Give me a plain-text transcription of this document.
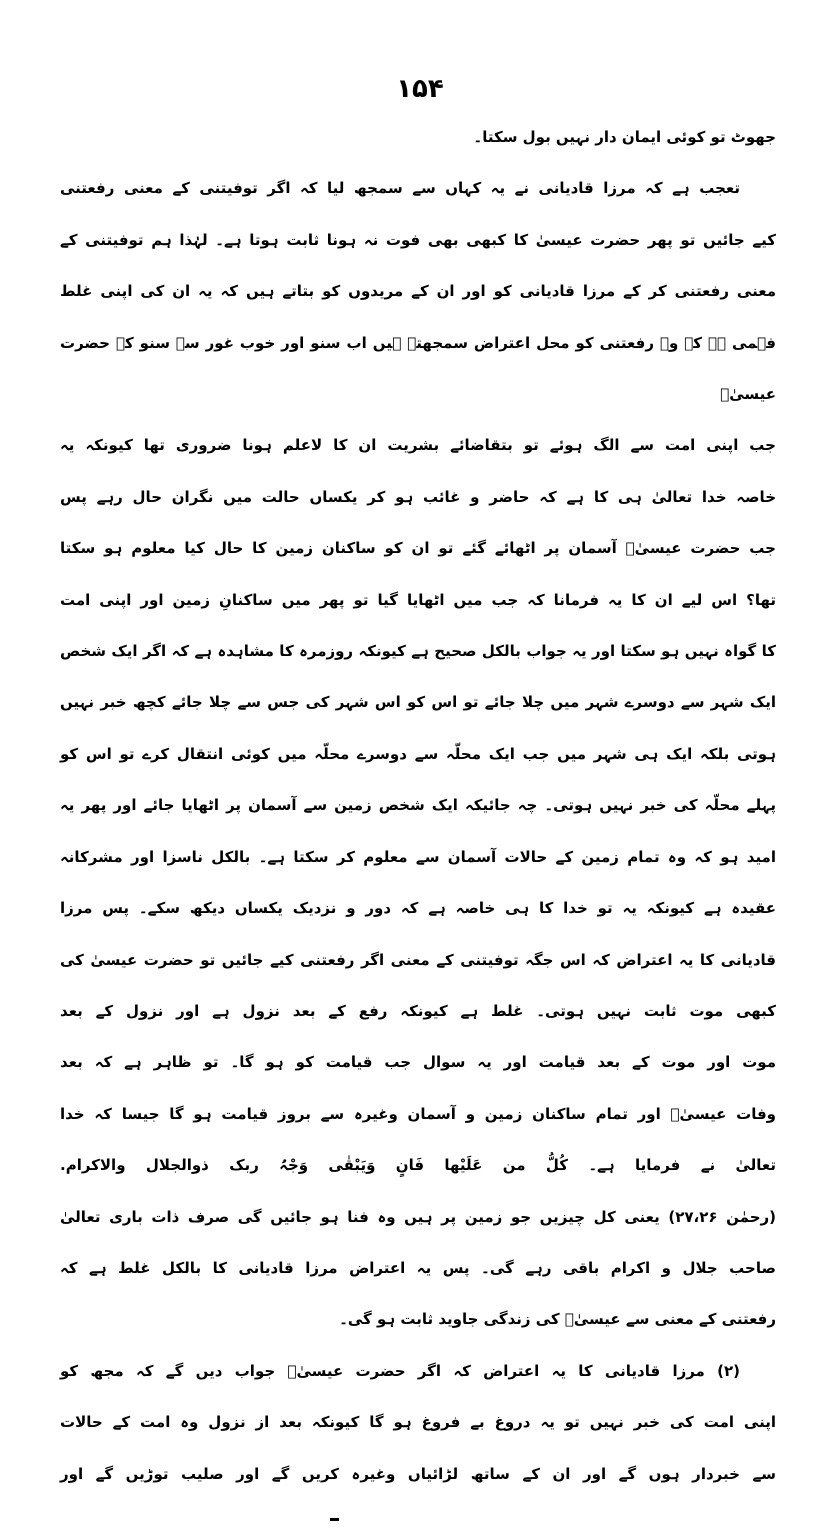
۱۵۴
جھوٹ تو کوئی ایمان دار نہیں بول سکتا۔
تعجب ہے کہ مرزا قادیانی نے یہ کہاں سے سمجھ لیا کہ اگر توفیتنی کے معنی رفعتنی
کیے جائیں تو پھر حضرت عیسیٰ کا کبھی بھی فوت نہ ہونا ثابت ہوتا ہے۔ لہٰذا ہم توفیتنی کے
معنی رفعتنی کر کے مرزا قادیانی کو اور ان کے مریدوں کو بتاتے ہیں کہ یہ ان کی اپنی غلط
فہمی ہے کہ وہ رفعتنی کو محل اعتراض سمجھتے ہیں اب سنو اور خوب غور سے سنو کہ حضرت عیسیٰؑ
جب اپنی امت سے الگ ہوئے تو بتقاضائے بشریت ان کا لاعلم ہونا ضروری تھا کیونکہ یہ
خاصہ خدا تعالیٰ ہی کا ہے کہ حاضر و غائب ہو کر یکساں حالت میں نگران حال رہے پس
جب حضرت عیسیٰؑ آسمان پر اٹھائے گئے تو ان کو ساکنان زمین کا حال کیا معلوم ہو سکتا
تھا؟ اس لیے ان کا یہ فرمانا کہ جب میں اٹھایا گیا تو پھر میں ساکنانِ زمین اور اپنی امت
کا گواہ نہیں ہو سکتا اور یہ جواب بالکل صحیح ہے کیونکہ روزمرہ کا مشاہدہ ہے کہ اگر ایک شخص
ایک شہر سے دوسرے شہر میں چلا جائے تو اس کو اس شہر کی جس سے چلا جائے کچھ خبر نہیں
ہوتی بلکہ ایک ہی شہر میں جب ایک محلّہ سے دوسرے محلّہ میں کوئی انتقال کرے تو اس کو
پہلے محلّہ کی خبر نہیں ہوتی۔ چہ جائیکہ ایک شخص زمین سے آسمان پر اٹھایا جائے اور پھر یہ
امید ہو کہ وہ تمام زمین کے حالات آسمان سے معلوم کر سکتا ہے۔ بالکل ناسزا اور مشرکانہ
عقیدہ ہے کیونکہ یہ تو خدا کا ہی خاصہ ہے کہ دور و نزدیک یکساں دیکھ سکے۔ پس مرزا
قادیانی کا یہ اعتراض کہ اس جگہ توفیتنی کے معنی اگر رفعتنی کیے جائیں تو حضرت عیسیٰ کی
کبھی موت ثابت نہیں ہوتی۔ غلط ہے کیونکہ رفع کے بعد نزول ہے اور نزول کے بعد
موت اور موت کے بعد قیامت اور یہ سوال جب قیامت کو ہو گا۔ تو ظاہر ہے کہ بعد
وفات عیسیٰؑ اور تمام ساکنان زمین و آسمان وغیرہ سے بروز قیامت ہو گا جیسا کہ خدا
تعالیٰ نے فرمایا ہے۔ کُلُّ من عَلَیْھا فَانٍ وَیَبْقٰی وَجْہُ ربک ذوالجلال والاکرام.
(رحمٰن ۲۷،۲۶) یعنی کل چیزیں جو زمین پر ہیں وہ فنا ہو جائیں گی صرف ذات باری تعالیٰ
صاحب جلال و اکرام باقی رہے گی۔ پس یہ اعتراض مرزا قادیانی کا بالکل غلط ہے کہ
رفعتنی کے معنی سے عیسیٰؑ کی زندگی جاوید ثابت ہو گی۔
(۲) مرزا قادیانی کا یہ اعتراض کہ اگر حضرت عیسیٰؑ جواب دیں گے کہ مجھ کو
اپنی امت کی خبر نہیں تو یہ دروغ بے فروغ ہو گا کیونکہ بعد از نزول وہ امت کے حالات
سے خبردار ہوں گے اور ان کے ساتھ لڑائیاں وغیرہ کریں گے اور صلیب توڑیں گے اور
